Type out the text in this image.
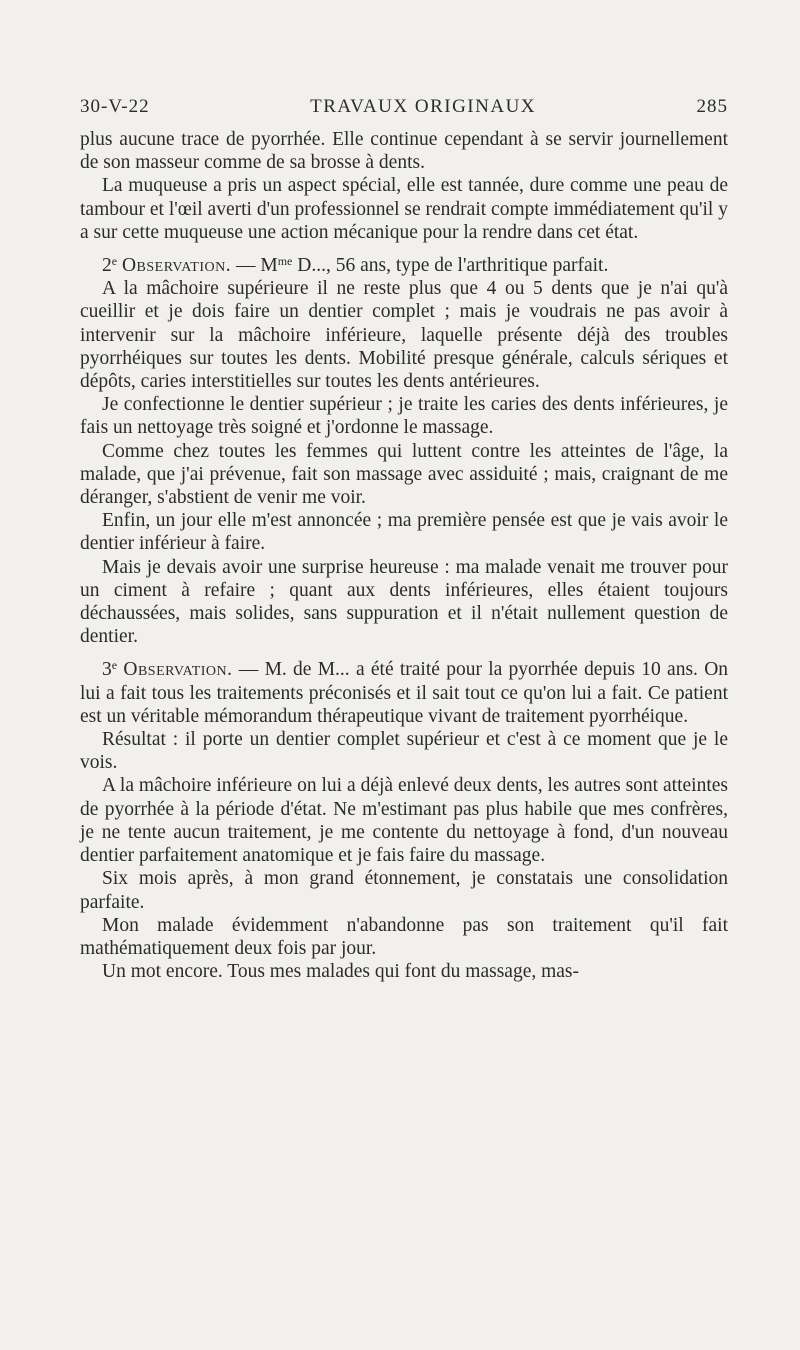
30-V-22	TRAVAUX ORIGINAUX	285

plus aucune trace de pyorrhée. Elle continue cependant à se servir journellement de son masseur comme de sa brosse à dents.

La muqueuse a pris un aspect spécial, elle est tannée, dure comme une peau de tambour et l'œil averti d'un professionnel se rendrait compte immédiatement qu'il y a sur cette muqueuse une action mécanique pour la rendre dans cet état.

2e Observation. — $M^{me}$ D..., 56 ans, type de l'arthritique parfait.

A la mâchoire supérieure il ne reste plus que 4 ou 5 dents que je n'ai qu'à cueillir et je dois faire un dentier complet ; mais je voudrais ne pas avoir à intervenir sur la mâchoire inférieure, laquelle présente déjà des troubles pyorrhéiques sur toutes les dents. Mobilité presque générale, calculs sériques et dépôts, caries interstitielles sur toutes les dents antérieures.

Je confectionne le dentier supérieur ; je traite les caries des dents inférieures, je fais un nettoyage très soigné et j'ordonne le massage.

Comme chez toutes les femmes qui luttent contre les atteintes de l'âge, la malade, que j'ai prévenue, fait son massage avec assiduité ; mais, craignant de me déranger, s'abstient de venir me voir.

Enfin, un jour elle m'est annoncée ; ma première pensée est que je vais avoir le dentier inférieur à faire.

Mais je devais avoir une surprise heureuse : ma malade venait me trouver pour un ciment à refaire ; quant aux dents inférieures, elles étaient toujours déchaussées, mais solides, sans suppuration et il n'était nullement question de dentier.

3e Observation. — M. de M... a été traité pour la pyorrhée depuis 10 ans. On lui a fait tous les traitements préconisés et il sait tout ce qu'on lui a fait. Ce patient est un véritable mémorandum thérapeutique vivant de traitement pyorrhéique.

Résultat : il porte un dentier complet supérieur et c'est à ce moment que je le vois.

A la mâchoire inférieure on lui a déjà enlevé deux dents, les autres sont atteintes de pyorrhée à la période d'état. Ne m'estimant pas plus habile que mes confrères, je ne tente aucun traitement, je me contente du nettoyage à fond, d'un nouveau dentier parfaitement anatomique et je fais faire du massage.

Six mois après, à mon grand étonnement, je constatais une consolidation parfaite.

Mon malade évidemment n'abandonne pas son traitement qu'il fait mathématiquement deux fois par jour.

Un mot encore. Tous mes malades qui font du massage, mas-
